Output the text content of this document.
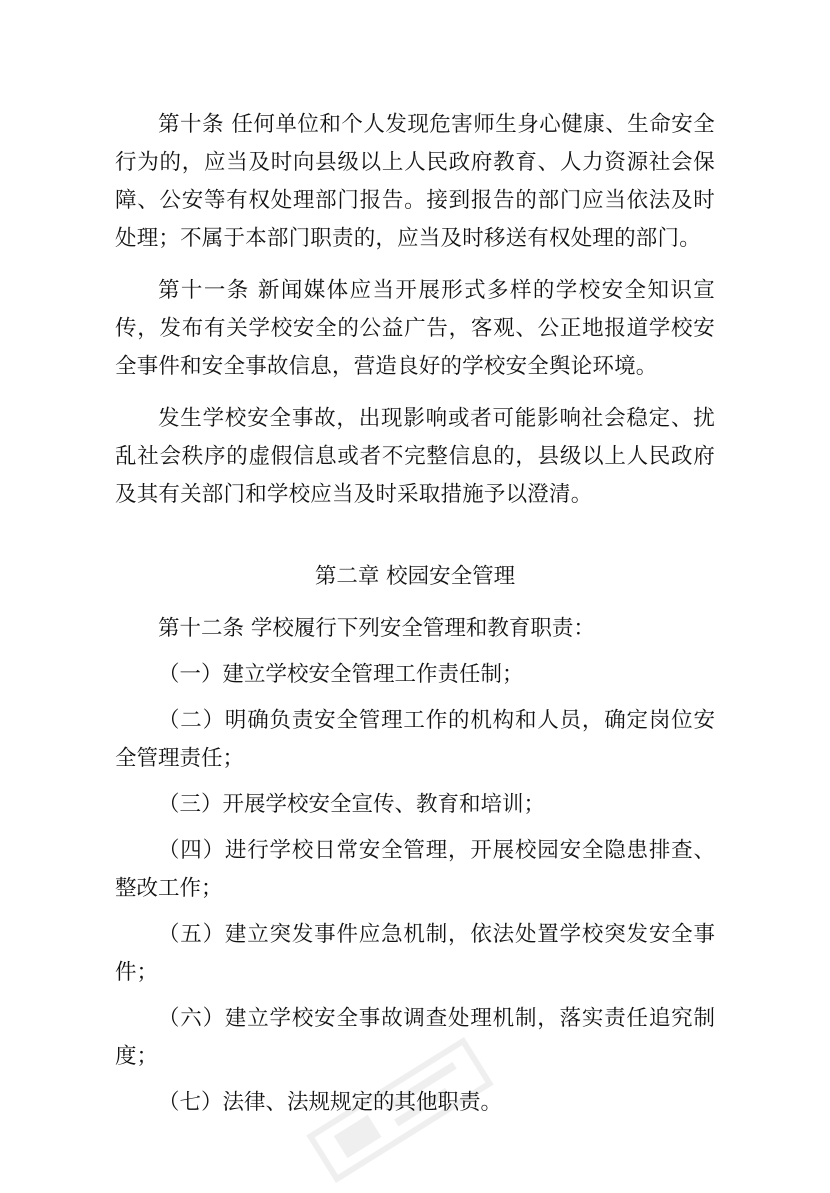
第十条 任何单位和个人发现危害师生身心健康、生命安全行为的，应当及时向县级以上人民政府教育、人力资源社会保障、公安等有权处理部门报告。接到报告的部门应当依法及时处理；不属于本部门职责的，应当及时移送有权处理的部门。

第十一条 新闻媒体应当开展形式多样的学校安全知识宣传，发布有关学校安全的公益广告，客观、公正地报道学校安全事件和安全事故信息，营造良好的学校安全舆论环境。

发生学校安全事故，出现影响或者可能影响社会稳定、扰乱社会秩序的虚假信息或者不完整信息的，县级以上人民政府及其有关部门和学校应当及时采取措施予以澄清。

第二章 校园安全管理

第十二条 学校履行下列安全管理和教育职责：

（一）建立学校安全管理工作责任制；

（二）明确负责安全管理工作的机构和人员，确定岗位安全管理责任；

（三）开展学校安全宣传、教育和培训；

（四）进行学校日常安全管理，开展校园安全隐患排查、整改工作；

（五）建立突发事件应急机制，依法处置学校突发安全事件；

（六）建立学校安全事故调查处理机制，落实责任追究制度；

（七）法律、法规规定的其他职责。
